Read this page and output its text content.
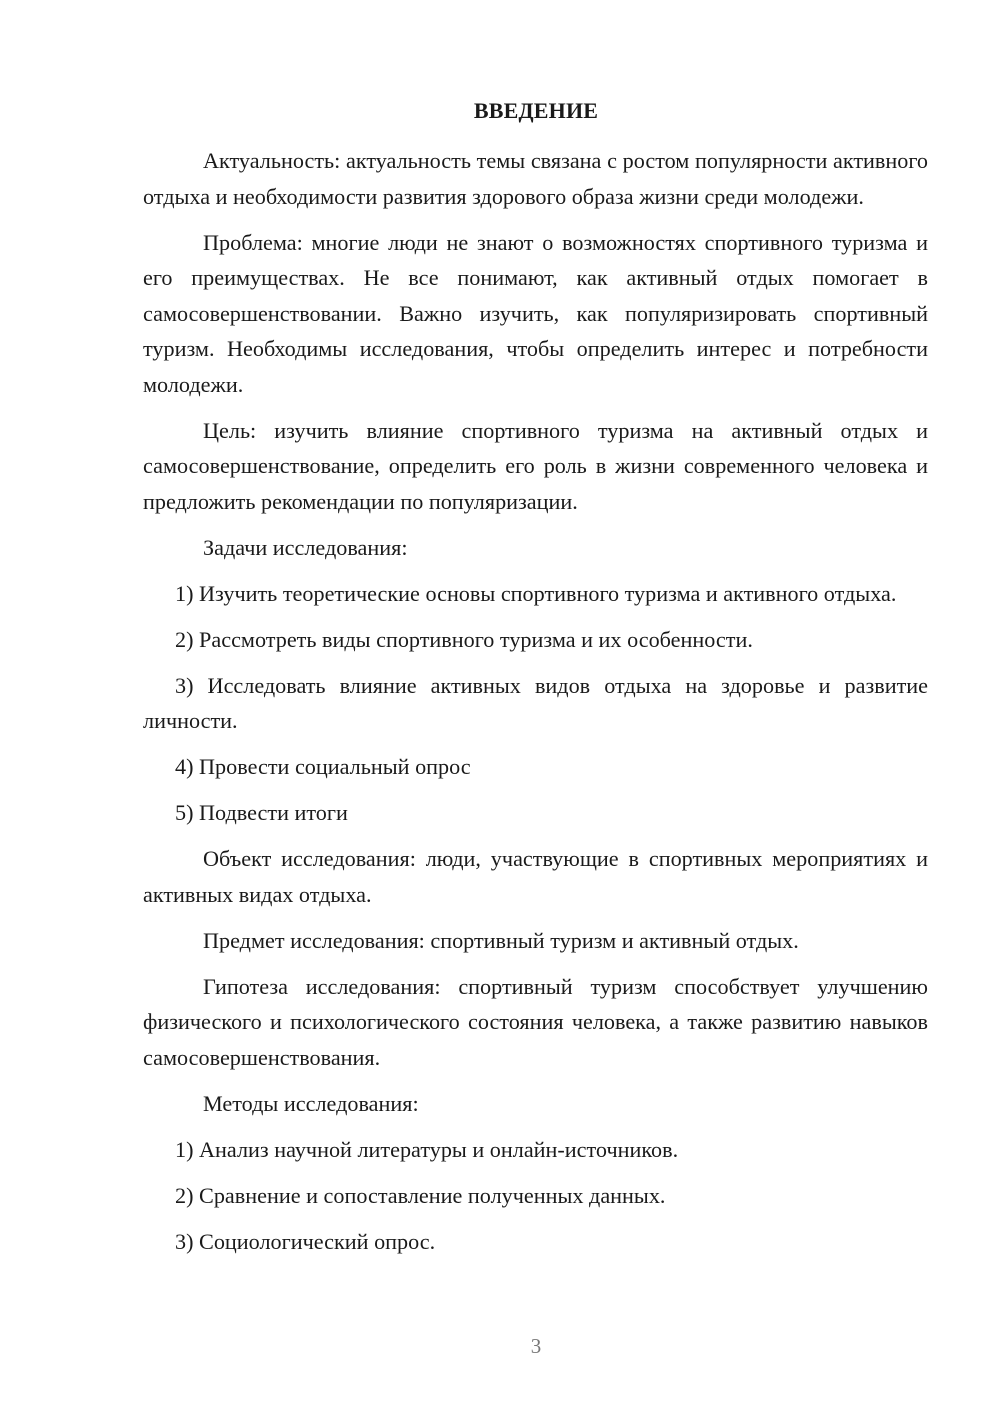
ВВЕДЕНИЕ

Актуальность: актуальность темы связана с ростом популярности активного отдыха и необходимости развития здорового образа жизни среди молодежи.

Проблема: многие люди не знают о возможностях спортивного туризма и его преимуществах. Не все понимают, как активный отдых помогает в самосовершенствовании. Важно изучить, как популяризировать спортивный туризм. Необходимы исследования, чтобы определить интерес и потребности молодежи.

Цель: изучить влияние спортивного туризма на активный отдых и самосовершенствование, определить его роль в жизни современного человека и предложить рекомендации по популяризации.

Задачи исследования:

1) Изучить теоретические основы спортивного туризма и активного отдыха.

2) Рассмотреть виды спортивного туризма и их особенности.

3) Исследовать влияние активных видов отдыха на здоровье и развитие личности.

4) Провести социальный опрос

5) Подвести итоги

Объект исследования: люди, участвующие в спортивных мероприятиях и активных видах отдыха.

Предмет исследования: спортивный туризм и активный отдых.

Гипотеза исследования: спортивный туризм способствует улучшению физического и психологического состояния человека, а также развитию навыков самосовершенствования.

Методы исследования:

1) Анализ научной литературы и онлайн-источников.

2) Сравнение и сопоставление полученных данных.

3) Социологический опрос.

3
